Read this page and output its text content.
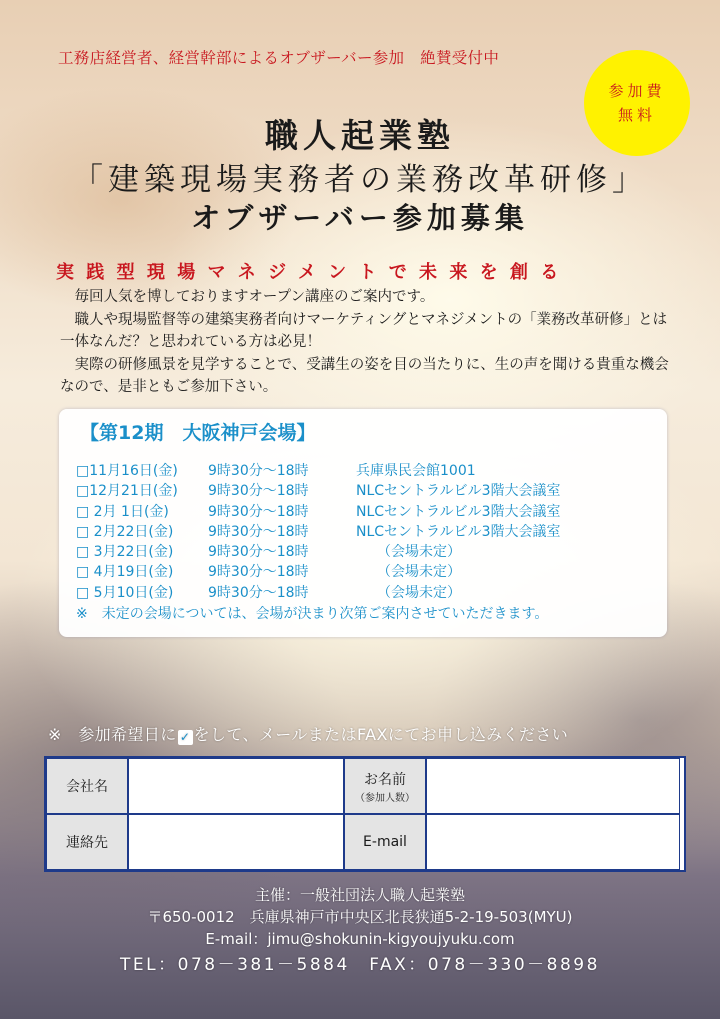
工務店経営者、経営幹部によるオブザーバー参加　絶賛受付中
参加費
無料
職人起業塾
「建築現場実務者の業務改革研修」
オブザーバー参加募集
実践型現場マネジメントで未来を創る

　毎回人気を博しておりますオープン講座のご案内です。

　職人や現場監督等の建築実務者向けマーケティングとマネジメントの「業務改革研修」とは一体なんだ？と思われている方は必見！

　実際の研修風景を見学することで、受講生の姿を目の当たりに、生の声を聞ける貴重な機会なので、是非ともご参加下さい。

【第12期　大阪神戸会場】
□11月16日(金) 9時30分～18時	兵庫県民会館1001
□12月21日(金) 9時30分～18時	NLCセントラルビル3階大会議室
□ 2月 1日(金)	9時30分～18時	NLCセントラルビル3階大会議室
□ 2月22日(金) 9時30分～18時	NLCセントラルビル3階大会議室
□ 3月22日(金) 9時30分～18時	　　（会場未定）
□ 4月19日(金) 9時30分～18時	　　（会場未定）
□ 5月10日(金) 9時30分～18時	　　（会場未定）
※　未定の会場については、会場が決まり次第ご案内させていただきます。
※　参加希望日に ✓ をして、メールまたはFAXにてお申し込みください
会社名	お名前
（参加人数）
連絡先	E-mail
主催：一般社団法人職人起業塾
〒650-0012　兵庫県神戸市中央区北長狭通5-2-19-503(MYU)
E-mail：jimu@shokunin-kigyoujyuku.com
TEL：078－381－5884　FAX：078－330－8898
